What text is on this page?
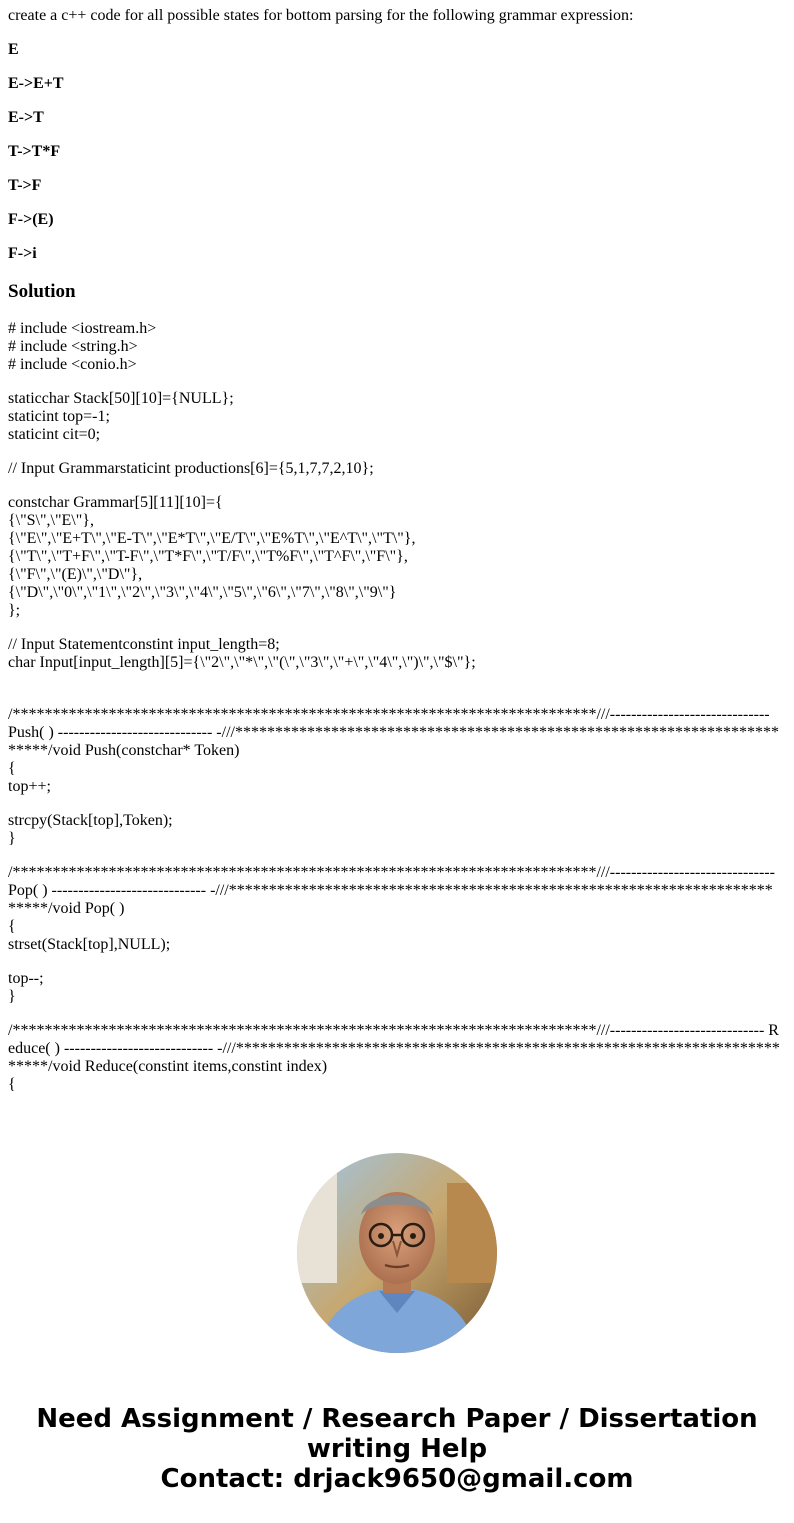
create a c++ code for all possible states for bottom parsing for the following grammar expression:

E

E->E+T

E->T

T->T*F

T->F

F->(E)

F->i

Solution
# include <iostream.h>
# include <string.h>
# include <conio.h>
staticchar Stack[50][10]={NULL};
staticint top=-1;
staticint cit=0;
// Input Grammarstaticint productions[6]={5,1,7,7,2,10};
constchar Grammar[5][11][10]={
{\"S\",\"E\"},
{\"E\",\"E+T\",\"E-T\",\"E*T\",\"E/T\",\"E%T\",\"E^T\",\"T\"},
{\"T\",\"T+F\",\"T-F\",\"T*F\",\"T/F\",\"T%F\",\"T^F\",\"F\"},
{\"F\",\"(E)\",\"D\"},
{\"D\",\"0\",\"1\",\"2\",\"3\",\"4\",\"5\",\"6\",\"7\",\"8\",\"9\"}
};
// Input Statementconstint input_length=8;
char Input[input_length][5]={\"2\",\"*\",\"(\",\"3\",\"+\",\"4\",\")\",\"$\"};
/*************************************************************************///------------------------------ Push( ) ----------------------------- -///*************************************************************************/void Push(constchar* Token)
{
top++;
strcpy(Stack[top],Token);
}
/*************************************************************************///------------------------------- Pop( ) ----------------------------- -///*************************************************************************/void Pop( )
{
strset(Stack[top],NULL);
top--;
}
/*************************************************************************///----------------------------- Reduce( ) ---------------------------- -///*************************************************************************/void Reduce(constint items,constint index)
{
Need Assignment / Research Paper / Dissertation writing Help
Contact: drjack9650@gmail.com
